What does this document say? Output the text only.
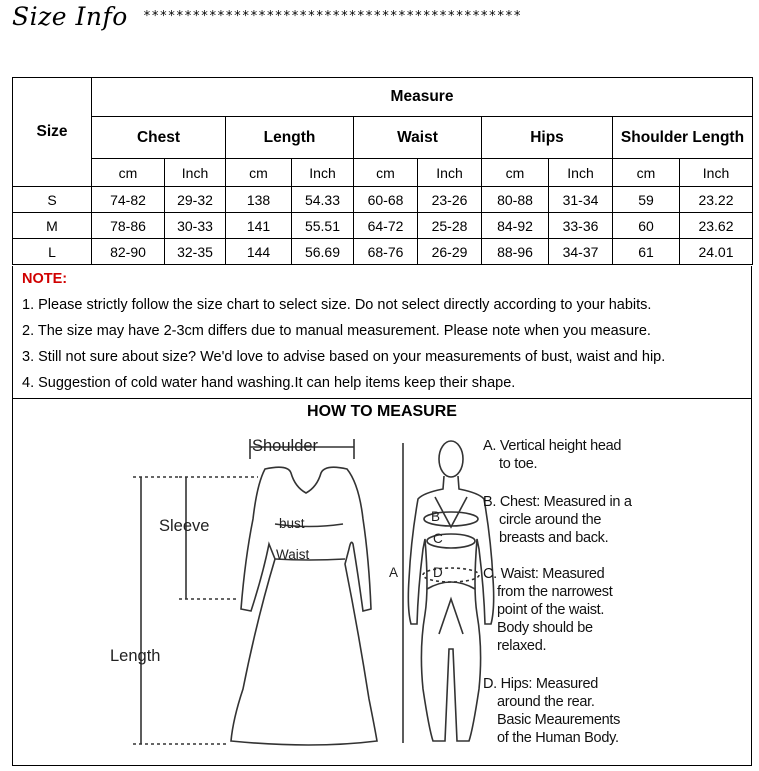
Size Info **********************************************
Size	Measure									
	Chest		Length		Waist		Hips		Shoulder Length	
	cm	Inch	cm	Inch	cm	Inch	cm	Inch	cm	Inch
S	74-82	29-32	138	54.33	60-68	23-26	80-88	31-34	59	23.22
M	78-86	30-33	141	55.51	64-72	25-28	84-92	33-36	60	23.62
L	82-90	32-35	144	56.69	68-76	26-29	88-96	34-37	61	24.01
NOTE:
1. Please strictly follow the size chart to select size. Do not select directly according to your habits.
2. The size may have 2-3cm differs due to manual measurement. Please note when you measure.
3. Still not sure about size? We'd love to advise based on your measurements of bust, waist and hip.
4. Suggestion of cold water hand washing.It can help items keep their shape.
HOW TO MEASURE
Shoulder
Sleeve	bust
Waist
Length
B
C
A	D
A. Vertical height head
to toe.
B. Chest: Measured in a
circle around the
breasts and back.
C. Waist: Measured
from the narrowest
point of the waist.
Body should be
relaxed.
D. Hips: Measured
around the rear.
Basic Meaurements
of the Human Body.
